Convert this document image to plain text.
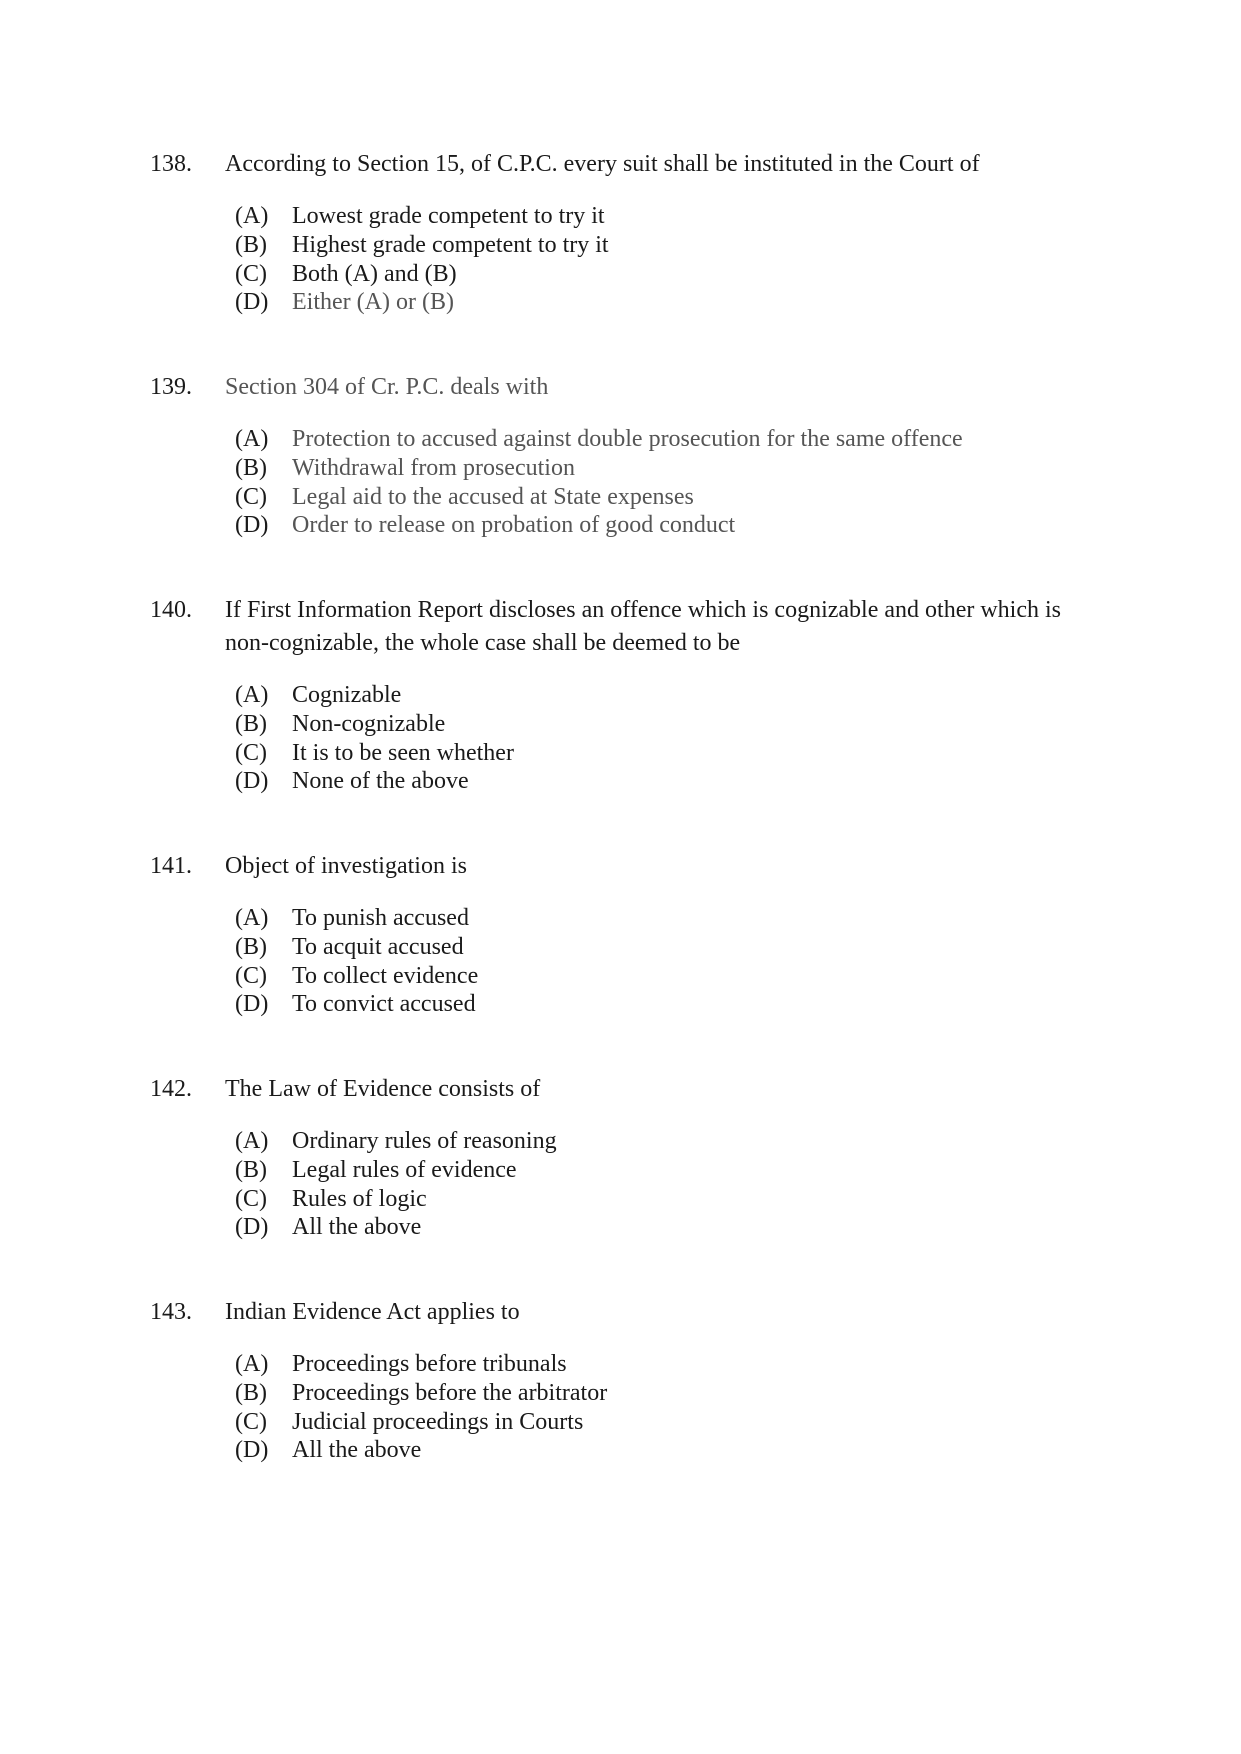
138.	According to Section 15, of C.P.C. every suit shall be instituted in the Court of
(A) Lowest grade competent to try it
(B)	Highest grade competent to try it
(C)	Both (A) and (B)
(D) Either (A) or (B)
139.	Section 304 of Cr. P.C. deals with
(A) Protection to accused against double prosecution for the same offence
(B)	Withdrawal from prosecution
(C)	Legal aid to the accused at State expenses
(D) Order to release on probation of good conduct
140.	If First Information Report discloses an offence which is cognizable and other which is non-cognizable, the whole case shall be deemed to be
(A) Cognizable
(B)	Non-cognizable
(C)	It is to be seen whether
(D) None of the above
141.	Object of investigation is
(A) To punish accused
(B)	To acquit accused
(C)	To collect evidence
(D) To convict accused
142.	The Law of Evidence consists of
(A) Ordinary rules of reasoning
(B)	Legal rules of evidence
(C)	Rules of logic
(D) All the above
143.	Indian Evidence Act applies to
(A) Proceedings before tribunals
(B)	Proceedings before the arbitrator
(C)	Judicial proceedings in Courts
(D) All the above
